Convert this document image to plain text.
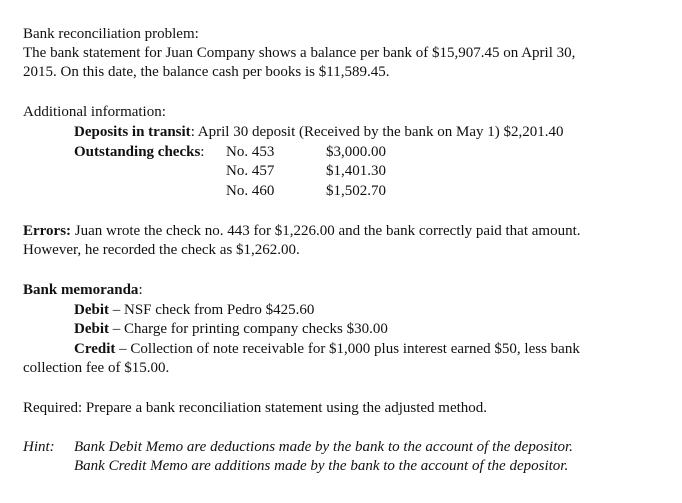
Bank reconciliation problem:
The bank statement for Juan Company shows a balance per bank of $15,907.45 on April 30,
2015. On this date, the balance cash per books is $11,589.45.
Additional information:
Deposits in transit: April 30 deposit (Received by the bank on May 1) $2,201.40
Outstanding checks: No. 453	$3,000.00
No. 457	$1,401.30
No. 460	$1,502.70
Errors: Juan wrote the check no. 443 for $1,226.00 and the bank correctly paid that amount.
However, he recorded the check as $1,262.00.
Bank memoranda:
Debit – NSF check from Pedro $425.60
Debit – Charge for printing company checks $30.00
Credit – Collection of note receivable for $1,000 plus interest earned $50, less bank
collection fee of $15.00.
Required: Prepare a bank reconciliation statement using the adjusted method.
Hint: Bank Debit Memo are deductions made by the bank to the account of the depositor.
Bank Credit Memo are additions made by the bank to the account of the depositor.
